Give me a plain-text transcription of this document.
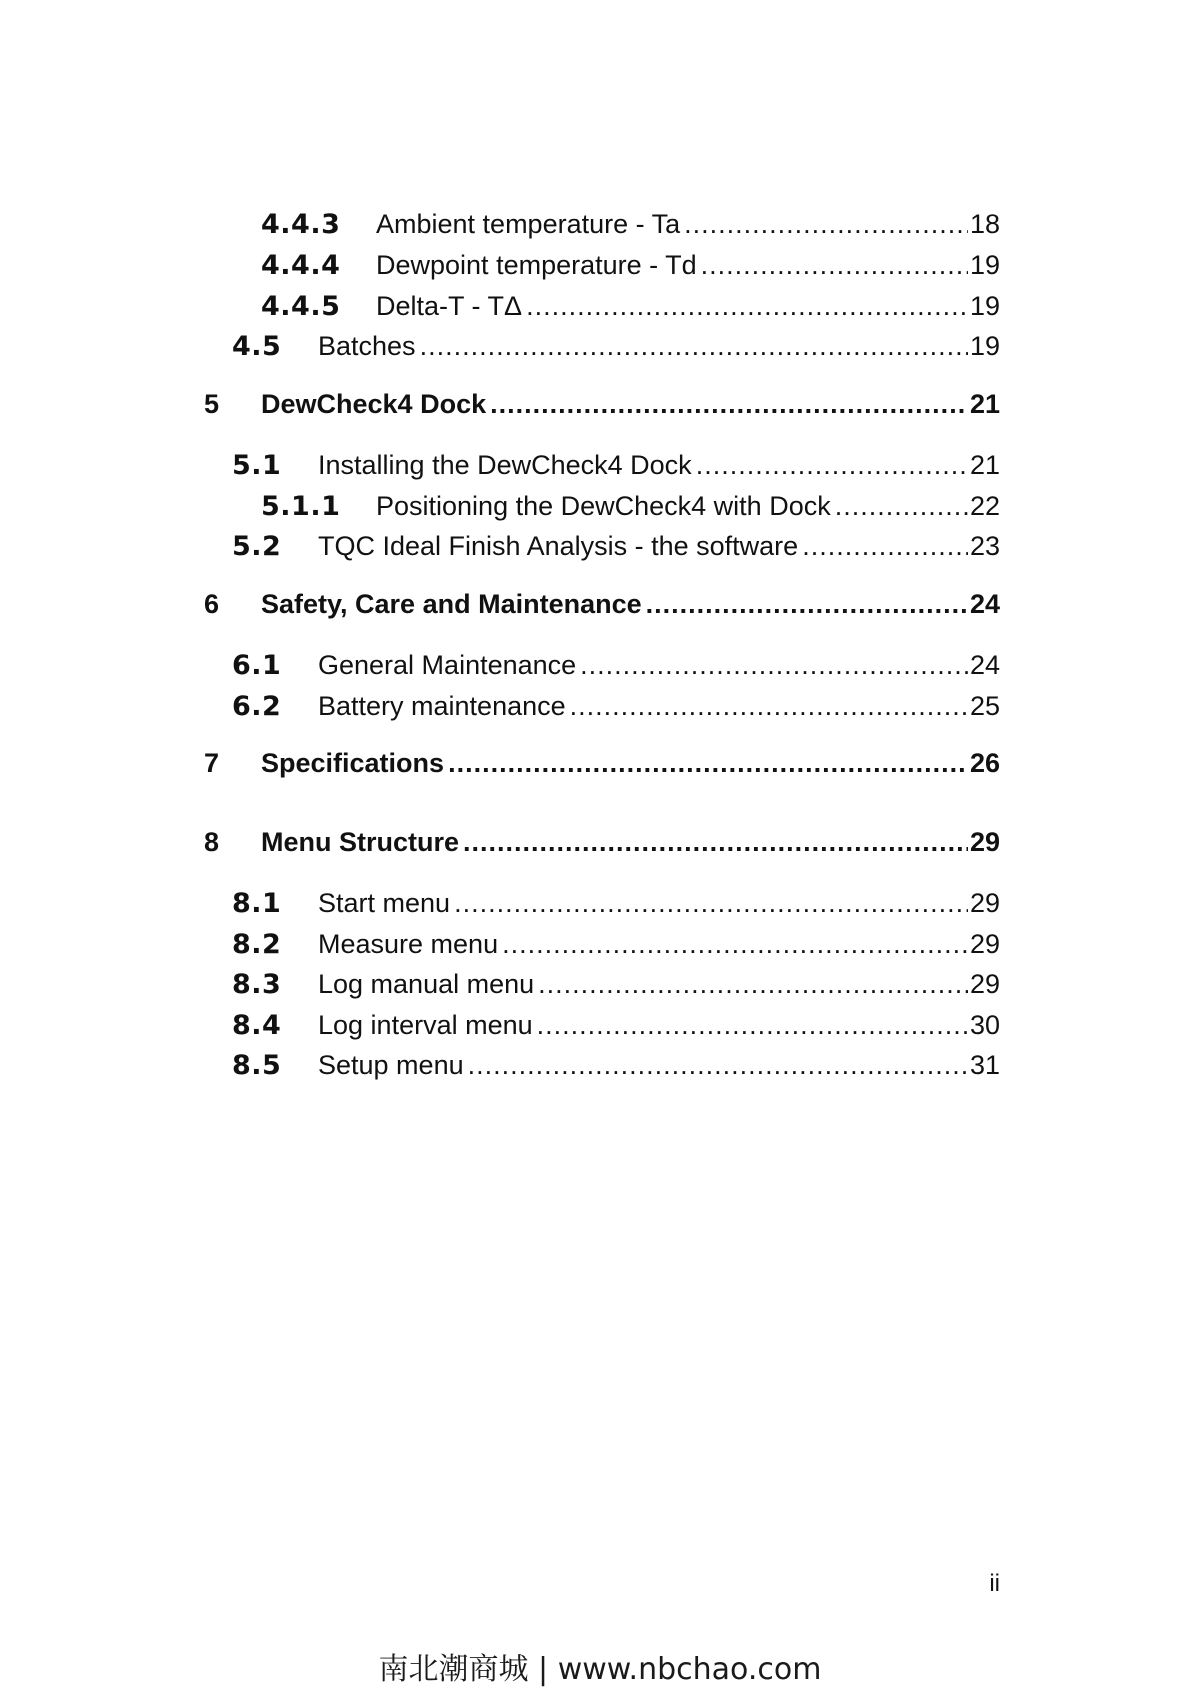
4.4.3	Ambient temperature - Ta .....	18
4.4.4	Dewpoint temperature - Td .....	19
4.4.5	Delta-T - TΔ .....	19
4.5	Batches .....	19
5	DewCheck4 Dock .....	21
5.1	Installing the DewCheck4 Dock .....	21
5.1.1	Positioning the DewCheck4 with Dock .....	22
5.2	TQC Ideal Finish Analysis - the software .....	23
6	Safety, Care and Maintenance .....	24
6.1	General Maintenance .....	24
6.2	Battery maintenance .....	25
7	Specifications .....	26
8	Menu Structure .....	29
8.1	Start menu .....	29
8.2	Measure menu .....	29
8.3	Log manual menu .....	29
8.4	Log interval menu .....	30
8.5	Setup menu .....	31
ii
南北潮商城 | www.nbchao.com
